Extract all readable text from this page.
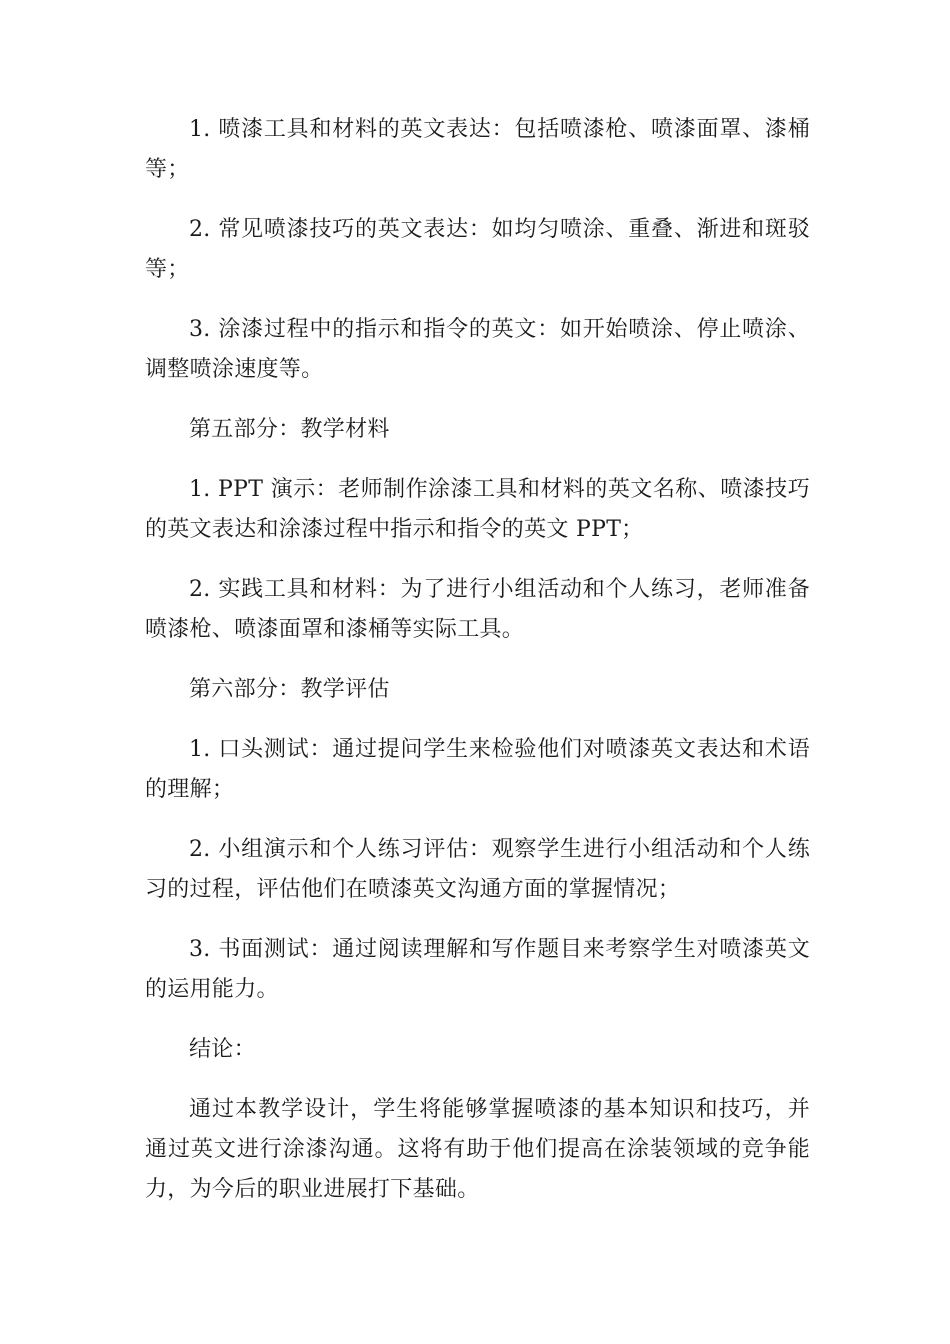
1. 喷漆工具和材料的英文表达：包括喷漆枪、喷漆面罩、漆桶等；

2. 常见喷漆技巧的英文表达：如均匀喷涂、重叠、渐进和斑驳等；

3. 涂漆过程中的指示和指令的英文：如开始喷涂、停止喷涂、调整喷涂速度等。

第五部分：教学材料

1. PPT 演示：老师制作涂漆工具和材料的英文名称、喷漆技巧的英文表达和涂漆过程中指示和指令的英文 PPT；

2. 实践工具和材料：为了进行小组活动和个人练习，老师准备喷漆枪、喷漆面罩和漆桶等实际工具。

第六部分：教学评估

1. 口头测试：通过提问学生来检验他们对喷漆英文表达和术语的理解；

2. 小组演示和个人练习评估：观察学生进行小组活动和个人练习的过程，评估他们在喷漆英文沟通方面的掌握情况；

3. 书面测试：通过阅读理解和写作题目来考察学生对喷漆英文的运用能力。

结论：

通过本教学设计，学生将能够掌握喷漆的基本知识和技巧，并通过英文进行涂漆沟通。这将有助于他们提高在涂装领域的竞争能力，为今后的职业进展打下基础。
